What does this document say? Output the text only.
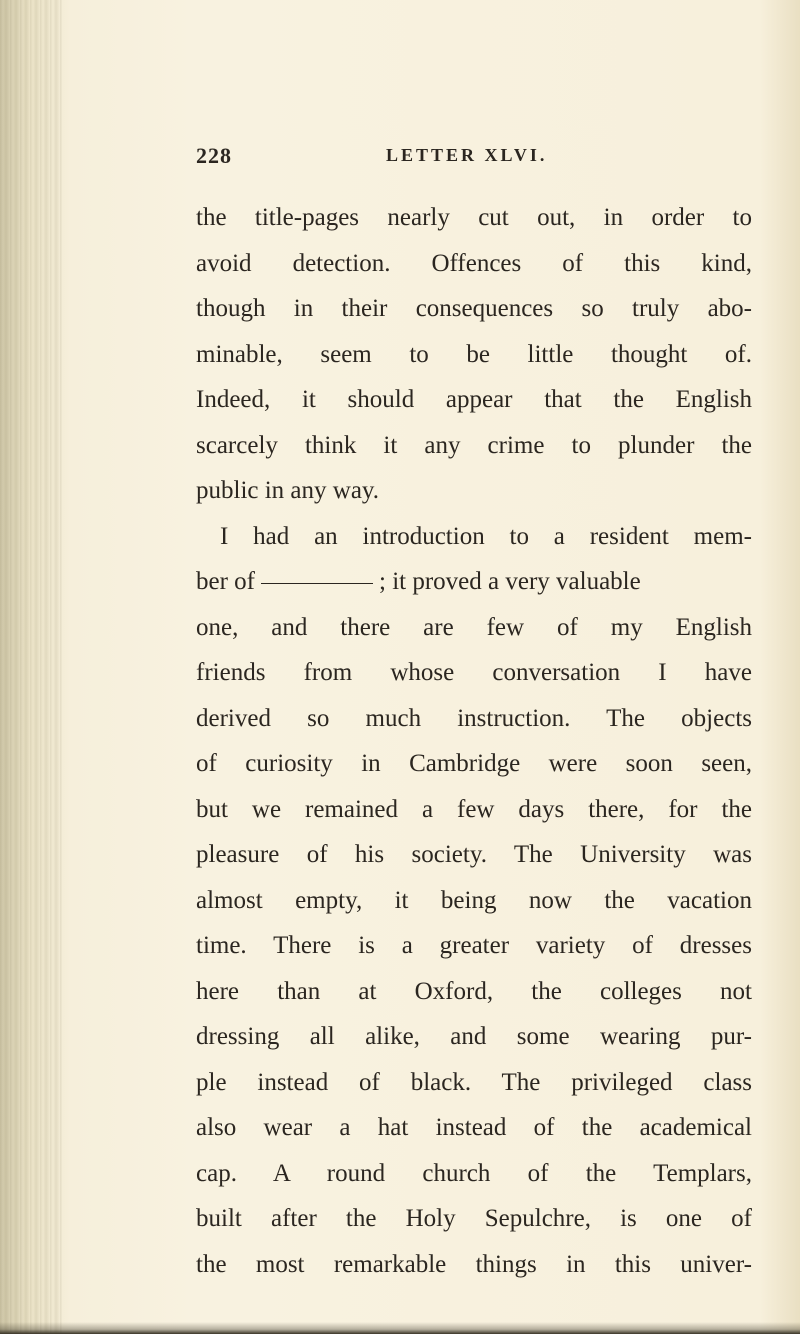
228	LETTER XLVI.
the title-pages nearly cut out, in order to
avoid detection. Offences of this kind,
though in their consequences so truly abo-
minable, seem to be little thought of.
Indeed, it should appear that the English
scarcely think it any crime to plunder the
public in any way.
I had an introduction to a resident mem-
ber of	; it proved a very valuable
one, and there are few of my English
friends from whose conversation I have
derived so much instruction. The objects
of curiosity in Cambridge were soon seen,
but we remained a few days there, for the
pleasure of his society. The University was
almost empty, it being now the vacation
time. There is a greater variety of dresses
here than at Oxford, the colleges not
dressing all alike, and some wearing pur-
ple instead of black. The privileged class
also wear a hat instead of the academical
cap. A round church of the Templars,
built after the Holy Sepulchre, is one of
the most remarkable things in this univer-
